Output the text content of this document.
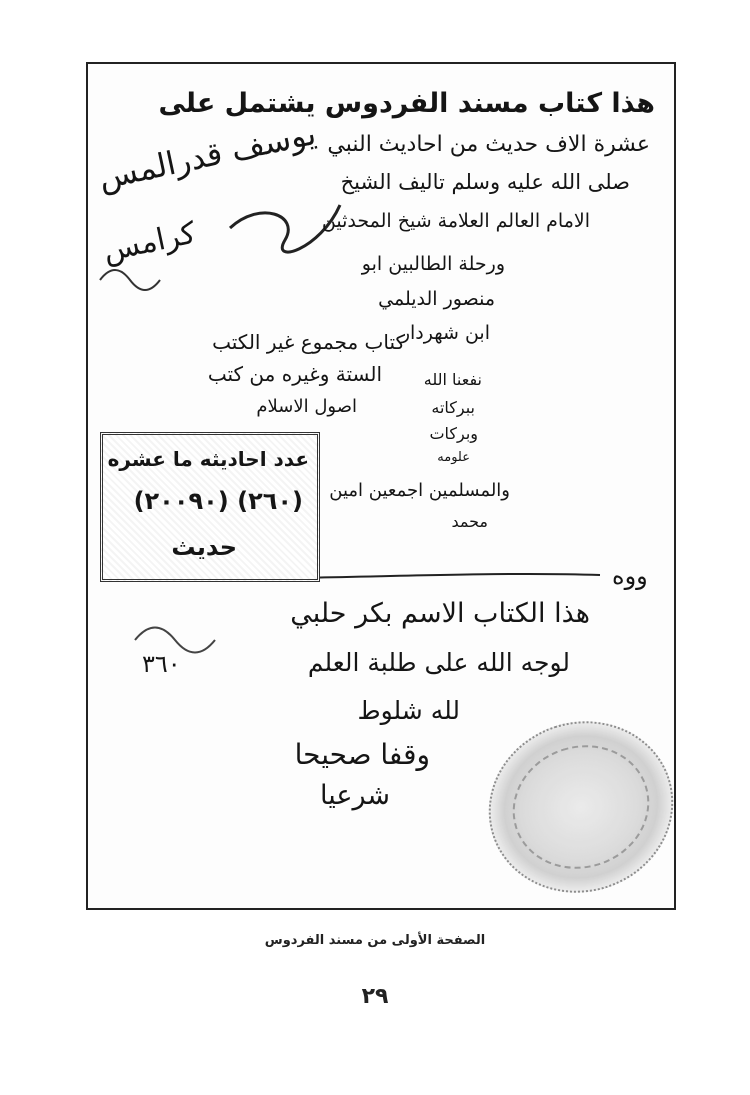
هذا كتاب مسند الفردوس يشتمل على
عشرة الاف حديث من احاديث النبي
صلى الله عليه وسلم تاليف الشيخ
الامام العالم العلامة شيخ المحدثين
يوسف قدرالمس
كرامس	ورحلة الطالبين ابو
منصور الديلمي
ابن شهردار
كتاب مجموع غير الكتب
الستة وغيره من كتب
اصول الاسلام
نفعنا الله
ببركاته
وبركات
علومه
والمسلمين اجمعين امين
محمد
عدد احاديثه ما عشره
(٢٦٠) (٢٠٠٩٠)
حديث
ووه
هذا الكتاب الاسم بكر حلبي
لوجه الله على طلبة العلم
لله شلوط
وقفا صحيحا
شرعيا
٣٦٠
الصفحة الأولى من مسند الفردوس
٢٩
